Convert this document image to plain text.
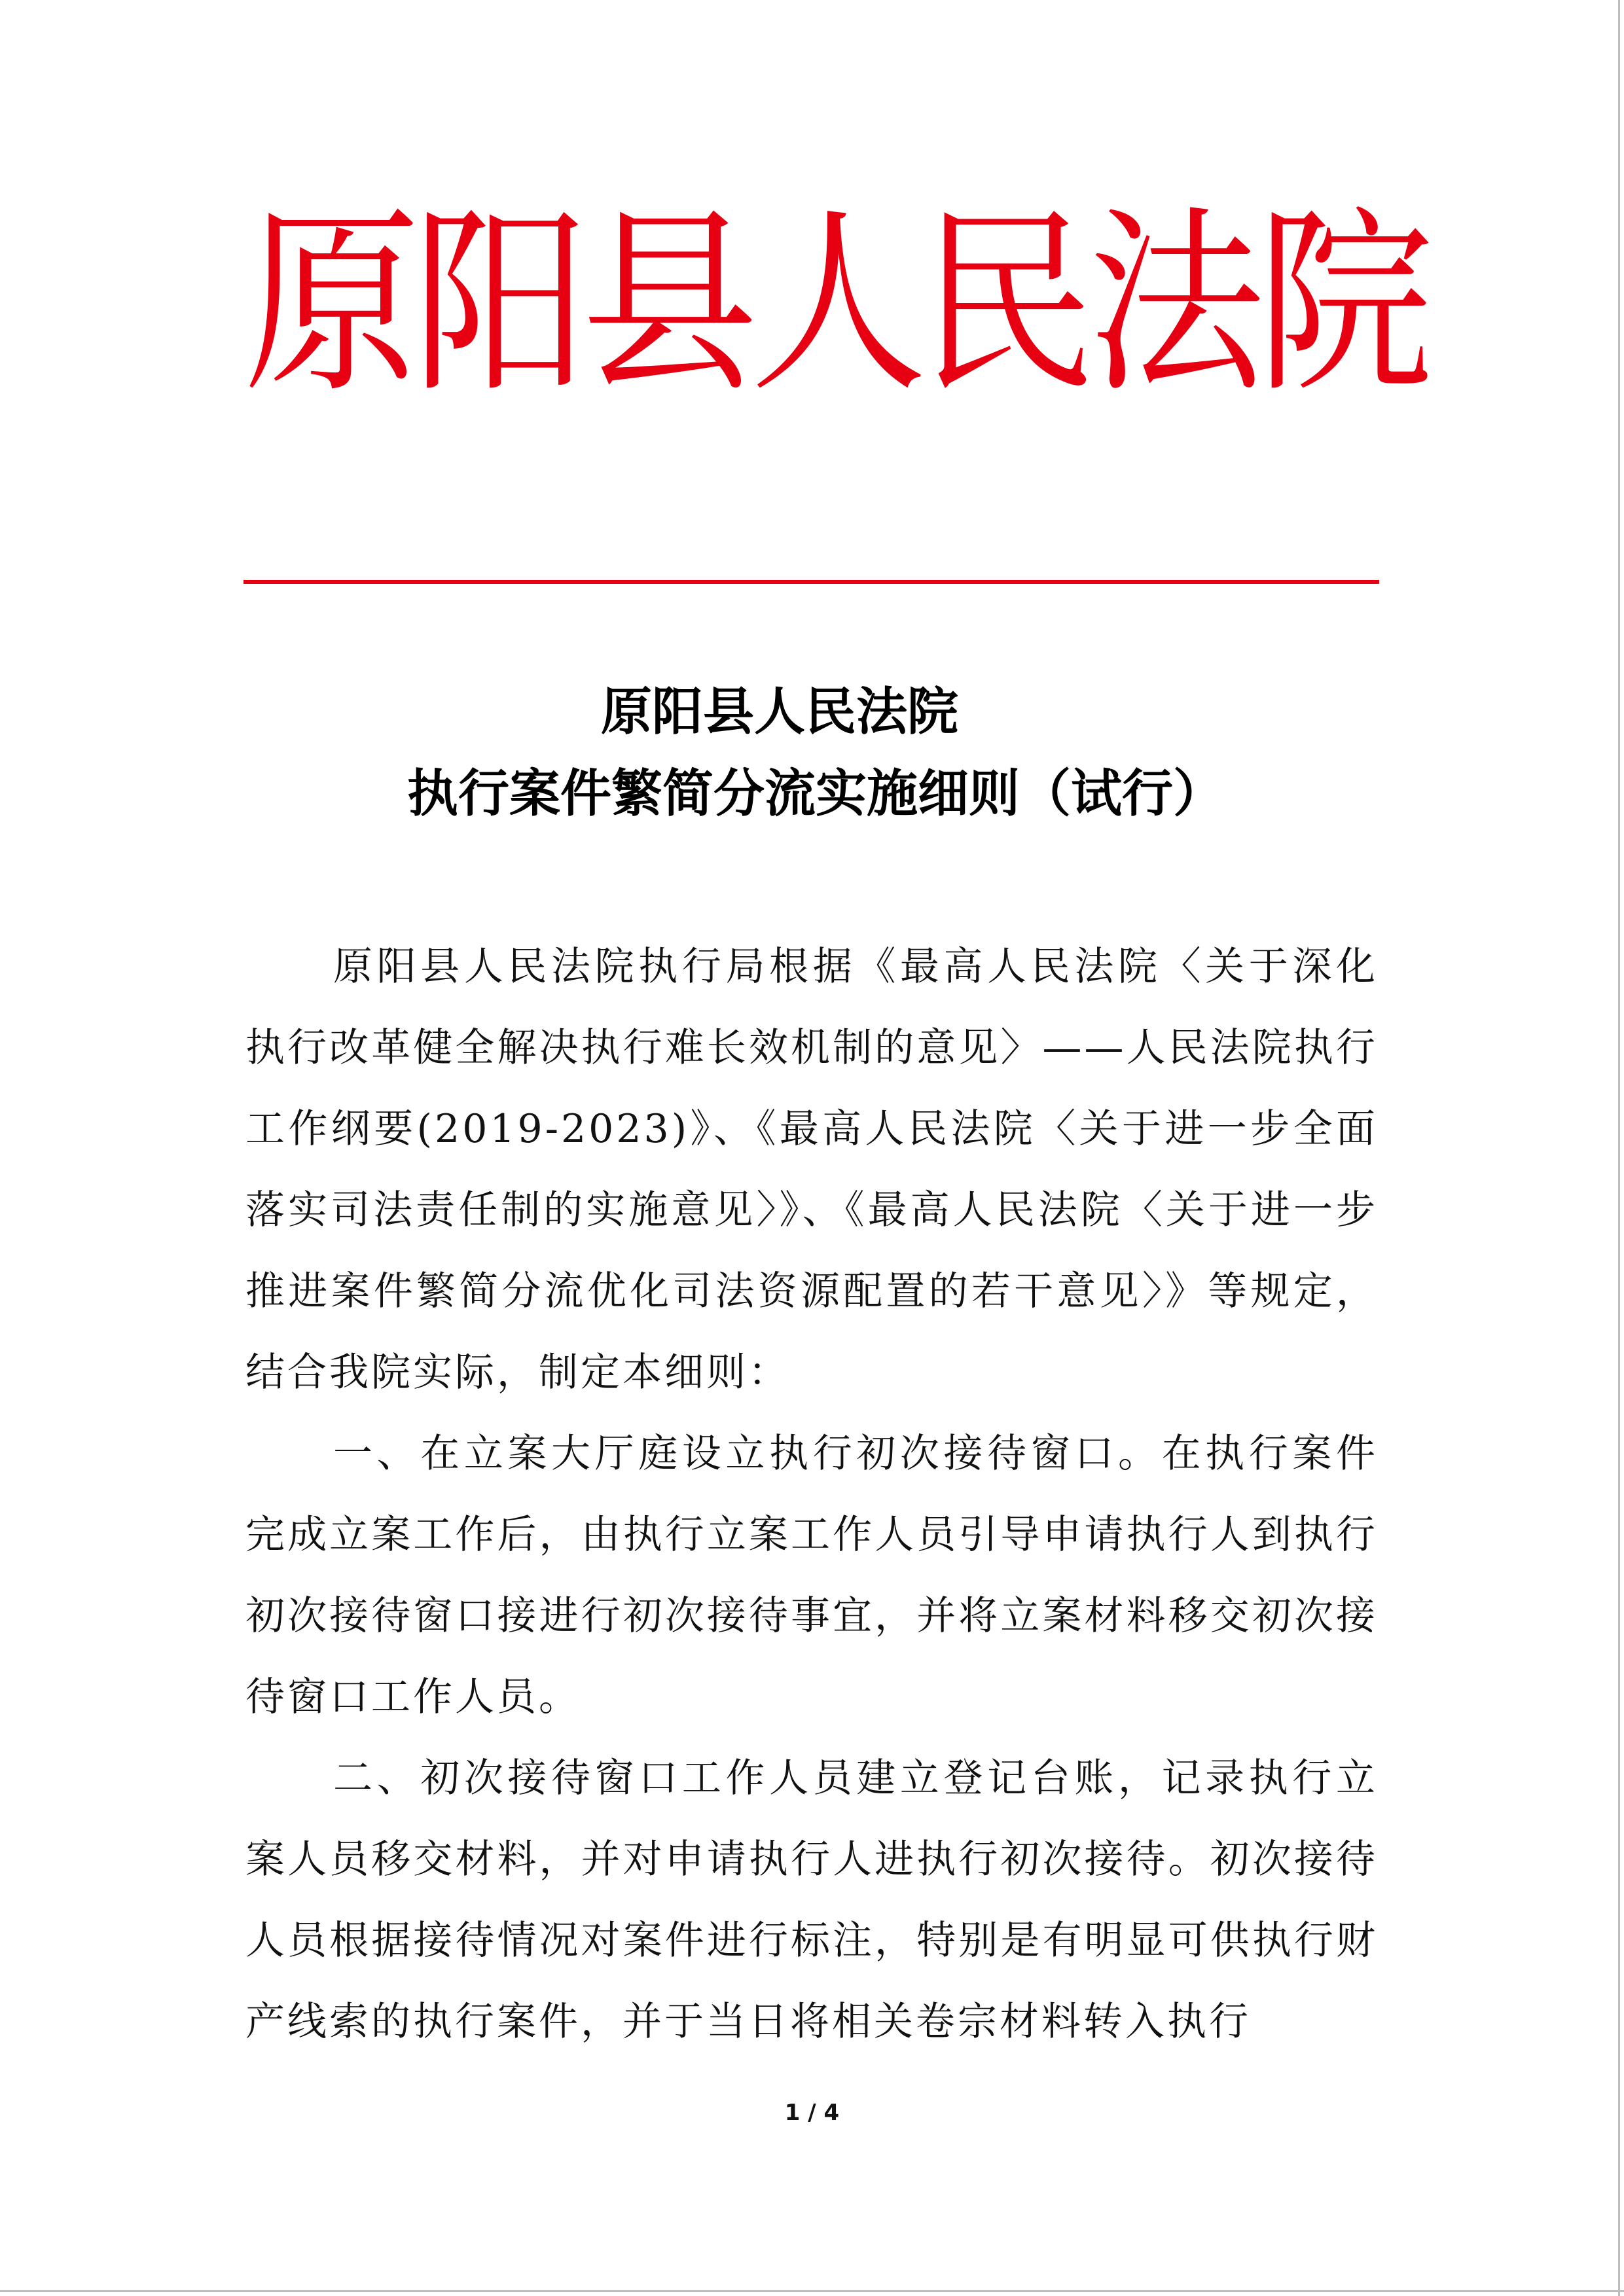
原阳县人民法院
原阳县人民法院
执行案件繁简分流实施细则（试行）

原阳县人民法院执行局根据《最高人民法院〈关于深化执行改革健全解决执行难长效机制的意见〉——人民法院执行工作纲要(2019-2023)》、《最高人民法院〈关于进一步全面落实司法责任制的实施意见〉》、《最高人民法院〈关于进一步推进案件繁简分流优化司法资源配置的若干意见〉》等规定，结合我院实际，制定本细则：

一、在立案大厅庭设立执行初次接待窗口。在执行案件完成立案工作后，由执行立案工作人员引导申请执行人到执行初次接待窗口接进行初次接待事宜，并将立案材料移交初次接待窗口工作人员。

二、初次接待窗口工作人员建立登记台账，记录执行立案人员移交材料，并对申请执行人进执行初次接待。初次接待人员根据接待情况对案件进行标注，特别是有明显可供执行财产线索的执行案件，并于当日将相关卷宗材料转入执行

1 / 4
